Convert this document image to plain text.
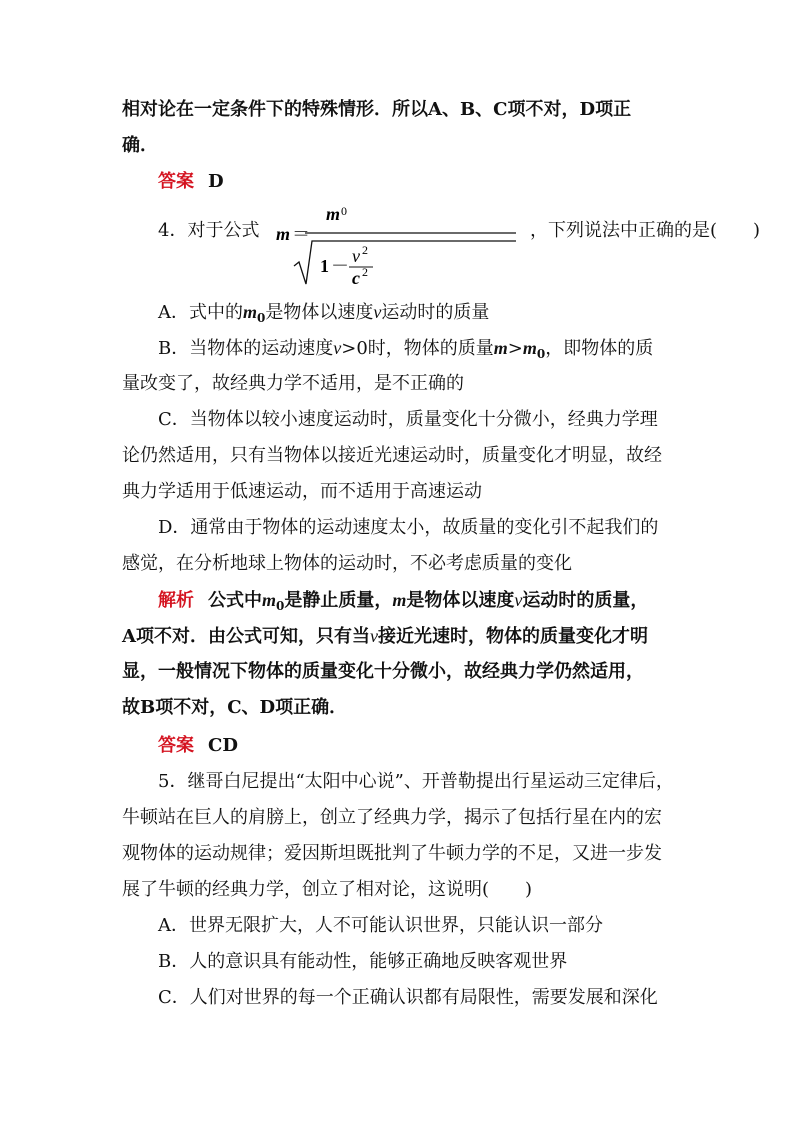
相对论在一定条件下的特殊情形．所以A、B、C项不对，D项正
确．
答案 D
4．对于公式 m ＝
m 0
1 － v 2
c 2
，下列说法中正确的是(　　)
A．式中的$m_0$是物体以速度v运动时的质量
B．当物体的运动速度v>0时，物体的质量$m>m_0$，即物体的质
量改变了，故经典力学不适用，是不正确的
C．当物体以较小速度运动时，质量变化十分微小，经典力学理
论仍然适用，只有当物体以接近光速运动时，质量变化才明显，故经
典力学适用于低速运动，而不适用于高速运动
D．通常由于物体的运动速度太小，故质量的变化引不起我们的
感觉，在分析地球上物体的运动时，不必考虑质量的变化
解析 公式中$m_0$是静止质量，m是物体以速度v运动时的质量，
A项不对．由公式可知，只有当v接近光速时，物体的质量变化才明
显，一般情况下物体的质量变化十分微小，故经典力学仍然适用，
故B项不对，C、D项正确．
答案 CD
5．继哥白尼提出“太阳中心说”、开普勒提出行星运动三定律后，
牛顿站在巨人的肩膀上，创立了经典力学，揭示了包括行星在内的宏
观物体的运动规律；爱因斯坦既批判了牛顿力学的不足，又进一步发
展了牛顿的经典力学，创立了相对论，这说明(　　)
A．世界无限扩大，人不可能认识世界，只能认识一部分
B．人的意识具有能动性，能够正确地反映客观世界
C．人们对世界的每一个正确认识都有局限性，需要发展和深化
